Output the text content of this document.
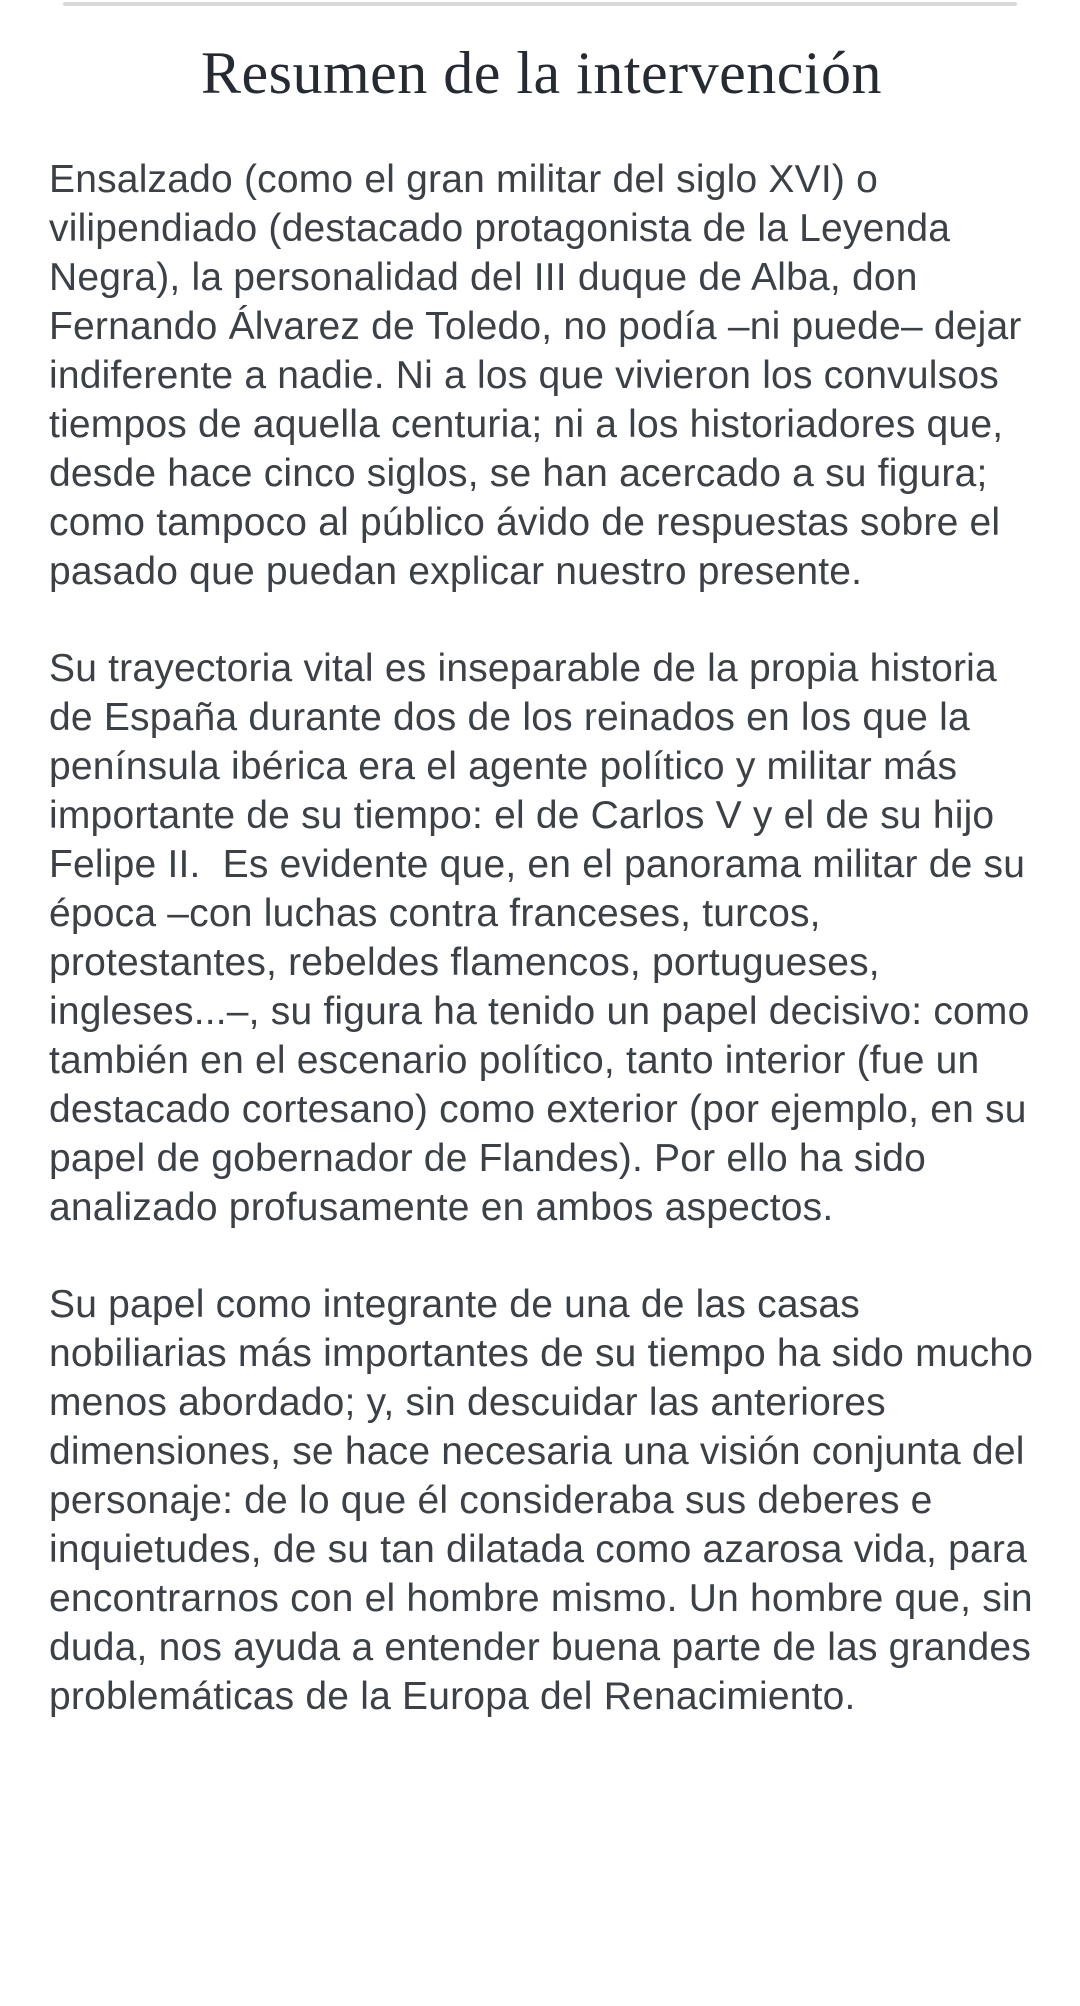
Resumen de la intervención

Ensalzado (como el gran militar del siglo XVI) o vilipendiado (destacado protagonista de la Leyenda Negra), la personalidad del III duque de Alba, don Fernando Álvarez de Toledo, no podía –ni puede– dejar indiferente a nadie. Ni a los que vivieron los convulsos tiempos de aquella centuria; ni a los historiadores que, desde hace cinco siglos, se han acercado a su figura; como tampoco al público ávido de respuestas sobre el pasado que puedan explicar nuestro presente.

Su trayectoria vital es inseparable de la propia historia de España durante dos de los reinados en los que la península ibérica era el agente político y militar más importante de su tiempo: el de Carlos V y el de su hijo Felipe II.  Es evidente que, en el panorama militar de su época –con luchas contra franceses, turcos, protestantes, rebeldes flamencos, portugueses, ingleses...–, su figura ha tenido un papel decisivo: como también en el escenario político, tanto interior (fue un destacado cortesano) como exterior (por ejemplo, en su papel de gobernador de Flandes). Por ello ha sido analizado profusamente en ambos aspectos.

Su papel como integrante de una de las casas nobiliarias más importantes de su tiempo ha sido mucho menos abordado; y, sin descuidar las anteriores dimensiones, se hace necesaria una visión conjunta del personaje: de lo que él consideraba sus deberes e inquietudes, de su tan dilatada como azarosa vida, para encontrarnos con el hombre mismo. Un hombre que, sin duda, nos ayuda a entender buena parte de las grandes problemáticas de la Europa del Renacimiento.
